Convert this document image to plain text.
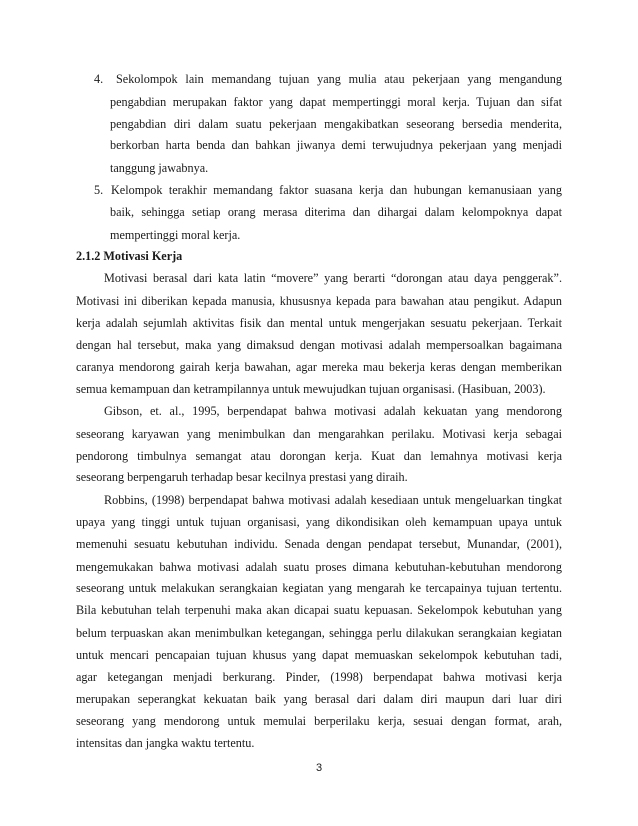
4. Sekolompok lain memandang tujuan yang mulia atau pekerjaan yang mengandung
pengabdian merupakan faktor yang dapat mempertinggi moral kerja. Tujuan dan sifat
pengabdian diri dalam suatu pekerjaan mengakibatkan seseorang bersedia menderita,
berkorban harta benda dan bahkan jiwanya demi terwujudnya pekerjaan yang menjadi
tanggung jawabnya.
5. Kelompok terakhir memandang faktor suasana kerja dan hubungan kemanusiaan yang
baik, sehingga setiap orang merasa diterima dan dihargai dalam kelompoknya dapat
mempertinggi moral kerja.
2.1.2 Motivasi Kerja
Motivasi berasal dari kata latin “movere” yang berarti “dorongan atau daya penggerak”.
Motivasi ini diberikan kepada manusia, khususnya kepada para bawahan atau pengikut. Adapun
kerja adalah sejumlah aktivitas fisik dan mental untuk mengerjakan sesuatu pekerjaan. Terkait
dengan hal tersebut, maka yang dimaksud dengan motivasi adalah mempersoalkan bagaimana
caranya mendorong gairah kerja bawahan, agar mereka mau bekerja keras dengan memberikan
semua kemampuan dan ketrampilannya untuk mewujudkan tujuan organisasi. (Hasibuan, 2003).
Gibson, et. al., 1995, berpendapat bahwa motivasi adalah kekuatan yang mendorong
seseorang karyawan yang menimbulkan dan mengarahkan perilaku. Motivasi kerja sebagai
pendorong timbulnya semangat atau dorongan kerja. Kuat dan lemahnya motivasi kerja
seseorang berpengaruh terhadap besar kecilnya prestasi yang diraih.
Robbins, (1998) berpendapat bahwa motivasi adalah kesediaan untuk mengeluarkan tingkat
upaya yang tinggi untuk tujuan organisasi, yang dikondisikan oleh kemampuan upaya untuk
memenuhi sesuatu kebutuhan individu. Senada dengan pendapat tersebut, Munandar, (2001),
mengemukakan bahwa motivasi adalah suatu proses dimana kebutuhan-kebutuhan mendorong
seseorang untuk melakukan serangkaian kegiatan yang mengarah ke tercapainya tujuan tertentu.
Bila kebutuhan telah terpenuhi maka akan dicapai suatu kepuasan. Sekelompok kebutuhan yang
belum terpuaskan akan menimbulkan ketegangan, sehingga perlu dilakukan serangkaian kegiatan
untuk mencari pencapaian tujuan khusus yang dapat memuaskan sekelompok kebutuhan tadi,
agar ketegangan menjadi berkurang. Pinder, (1998) berpendapat bahwa motivasi kerja
merupakan seperangkat kekuatan baik yang berasal dari dalam diri maupun dari luar diri
seseorang yang mendorong untuk memulai berperilaku kerja, sesuai dengan format, arah,
intensitas dan jangka waktu tertentu.
3
